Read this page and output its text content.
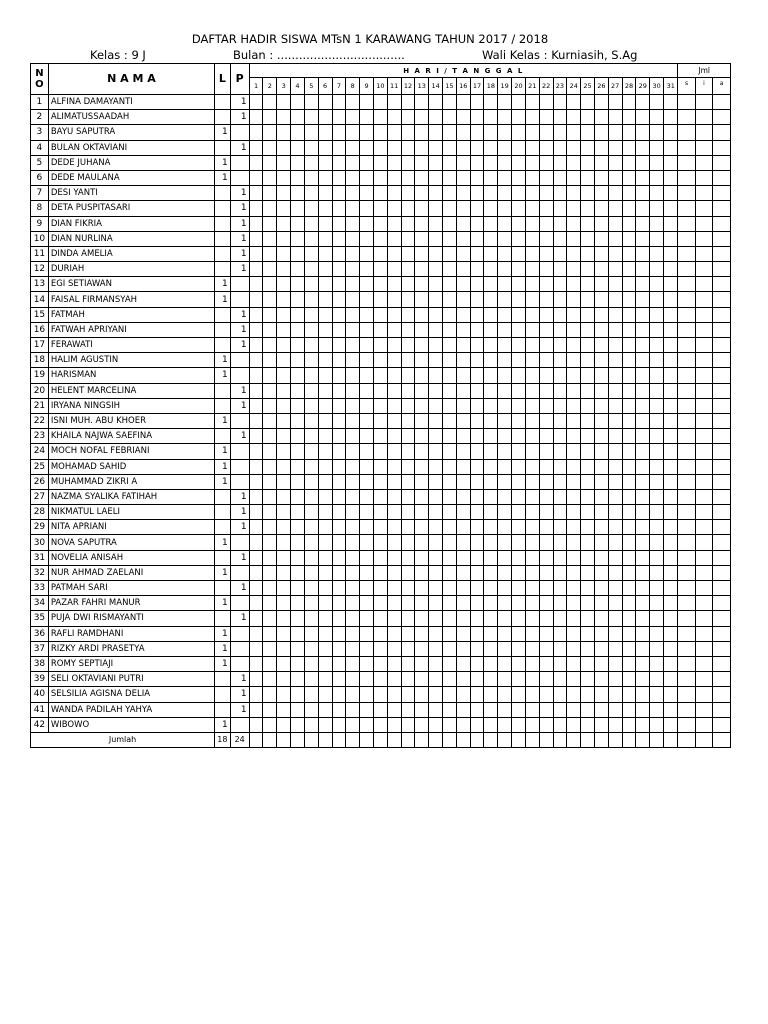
DAFTAR HADIR SISWA MTsN 1 KARAWANG TAHUN 2017 / 2018
Kelas : 9 J	Bulan : ...................................	Wali Kelas : Kurniasih, S.Ag
N
O	N A M A	L	P	H A R I / T A N G G A L																															Jml		
				1	2	3	4	5	6	7	8	9	10	11	12	13	14	15	16	17	18	19	20	21	22	23	24	25	26	27	28	29	30	31	s	i	a
1	ALFINA DAMAYANTI		1																																		
2	ALIMATUSSAADAH		1																																		
3	BAYU SAPUTRA	1																																			
4	BULAN OKTAVIANI		1																																		
5	DEDE JUHANA	1																																			
6	DEDE MAULANA	1																																			
7	DESI YANTI		1																																		
8	DETA PUSPITASARI		1																																		
9	DIAN FIKRIA		1																																		
10	DIAN NURLINA		1																																		
11	DINDA AMELIA		1																																		
12	DURIAH		1																																		
13	EGI SETIAWAN	1																																			
14	FAISAL FIRMANSYAH	1																																			
15	FATMAH		1																																		
16	FATWAH APRIYANI		1																																		
17	FERAWATI		1																																		
18	HALIM AGUSTIN	1																																			
19	HARISMAN	1																																			
20	HELENT MARCELINA		1																																		
21	IRYANA NINGSIH		1																																		
22	ISNI MUH. ABU KHOER	1																																			
23	KHAILA NAJWA SAEFINA		1																																		
24	MOCH NOFAL FEBRIANI	1																																			
25	MOHAMAD SAHID	1																																			
26	MUHAMMAD ZIKRI A	1																																			
27	NAZMA SYALIKA FATIHAH		1																																		
28	NIKMATUL LAELI		1																																		
29	NITA APRIANI		1																																		
30	NOVA SAPUTRA	1																																			
31	NOVELIA ANISAH		1																																		
32	NUR AHMAD ZAELANI	1																																			
33	PATMAH SARI		1																																		
34	PAZAR FAHRI MANUR	1																																			
35	PUJA DWI RISMAYANTI		1																																		
36	RAFLI RAMDHANI	1																																			
37	RIZKY ARDI PRASETYA	1																																			
38	ROMY SEPTIAJI	1																																			
39	SELI OKTAVIANI PUTRI		1																																		
40	SELSILIA AGISNA DELIA		1																																		
41	WANDA PADILAH YAHYA		1																																		
42	WIBOWO	1																																			
Jumlah		18	24																																		
